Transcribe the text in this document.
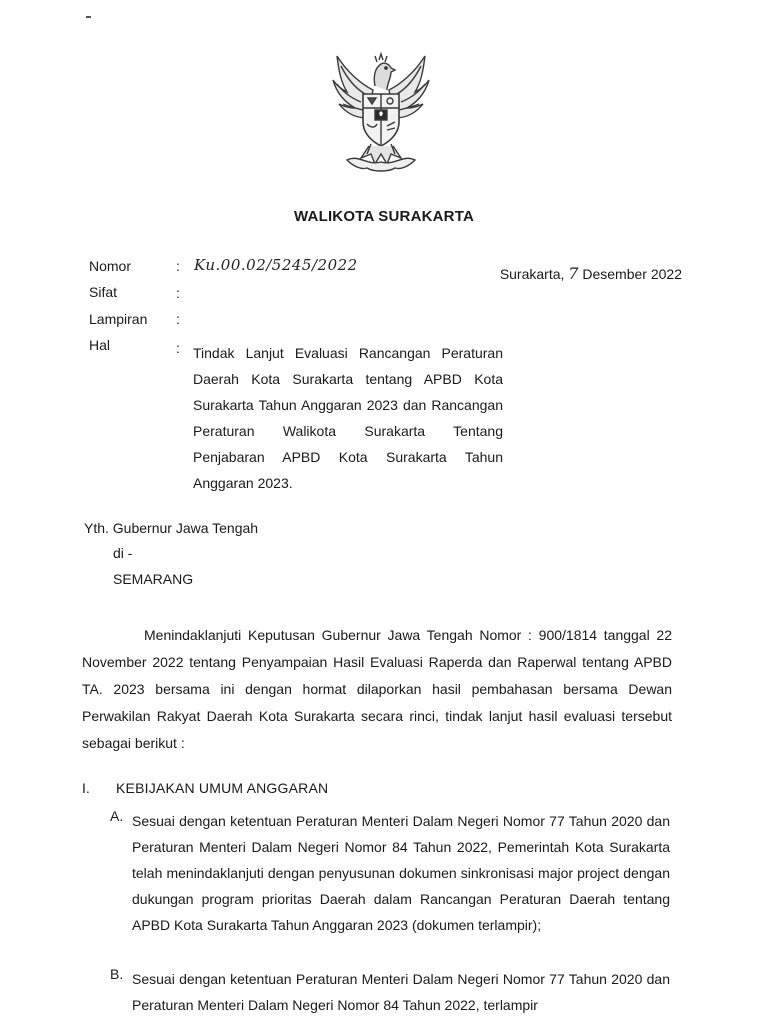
WALIKOTA SURAKARTA
Nomor
Sifat
Lampiran
Hal
:
:
:
:
Ku.00.02/5245/2022	Surakarta, 7 Desember 2022
Tindak Lanjut Evaluasi Rancangan Peraturan Daerah Kota Surakarta tentang APBD Kota Surakarta Tahun Anggaran 2023 dan Rancangan Peraturan Walikota Surakarta Tentang Penjabaran APBD Kota Surakarta Tahun Anggaran 2023.
Yth. Gubernur Jawa Tengah
di -
SEMARANG
Menindaklanjuti Keputusan Gubernur Jawa Tengah Nomor : 900/1814 tanggal 22 November 2022 tentang Penyampaian Hasil Evaluasi Raperda dan Raperwal tentang APBD TA. 2023 bersama ini dengan hormat dilaporkan hasil pembahasan bersama Dewan Perwakilan Rakyat Daerah Kota Surakarta secara rinci, tindak lanjut hasil evaluasi tersebut sebagai berikut :
I. KEBIJAKAN UMUM ANGGARAN
A. Sesuai dengan ketentuan Peraturan Menteri Dalam Negeri Nomor 77 Tahun 2020 dan Peraturan Menteri Dalam Negeri Nomor 84 Tahun 2022, Pemerintah Kota Surakarta telah menindaklanjuti dengan penyusunan dokumen sinkronisasi major project dengan dukungan program prioritas Daerah dalam Rancangan Peraturan Daerah tentang APBD Kota Surakarta Tahun Anggaran 2023 (dokumen terlampir);
B. Sesuai dengan ketentuan Peraturan Menteri Dalam Negeri Nomor 77 Tahun 2020 dan Peraturan Menteri Dalam Negeri Nomor 84 Tahun 2022, terlampir
